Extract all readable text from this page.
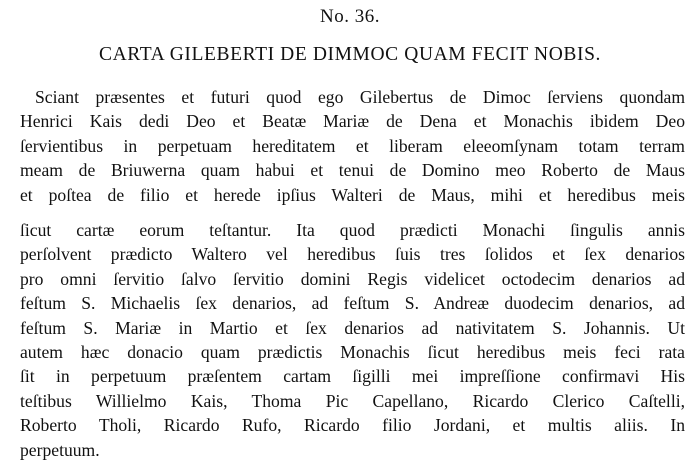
No. 36.
CARTA GILEBERTI DE DIMMOC QUAM FECIT NOBIS.
Sciant præsentes et futuri quod ego Gilebertus de Dimoc ſerviens quondam
Henrici Kais dedi Deo et Beatæ Mariæ de Dena et Monachis ibidem Deo
ſervientibus in perpetuam hereditatem et liberam eleeomſynam totam terram
meam de Briuwerna quam habui et tenui de Domino meo Roberto de Maus
et poſtea de filio et herede ipſius Walteri de Maus, mihi et heredibus meis
ſicut cartæ eorum teſtantur. Ita quod prædicti Monachi ſingulis annis
perſolvent prædicto Waltero vel heredibus ſuis tres ſolidos et ſex denarios
pro omni ſervitio ſalvo ſervitio domini Regis videlicet octodecim denarios ad
feſtum S. Michaelis ſex denarios, ad feſtum S. Andreæ duodecim denarios, ad
feſtum S. Mariæ in Martio et ſex denarios ad nativitatem S. Johannis. Ut
autem hæc donacio quam prædictis Monachis ſicut heredibus meis feci rata
ſit in perpetuum præſentem cartam ſigilli mei impreſſione confirmavi His
teſtibus Willielmo Kais, Thoma Pic Capellano, Ricardo Clerico Caſtelli,
Roberto Tholi, Ricardo Rufo, Ricardo filio Jordani, et multis aliis. In
perpetuum.
